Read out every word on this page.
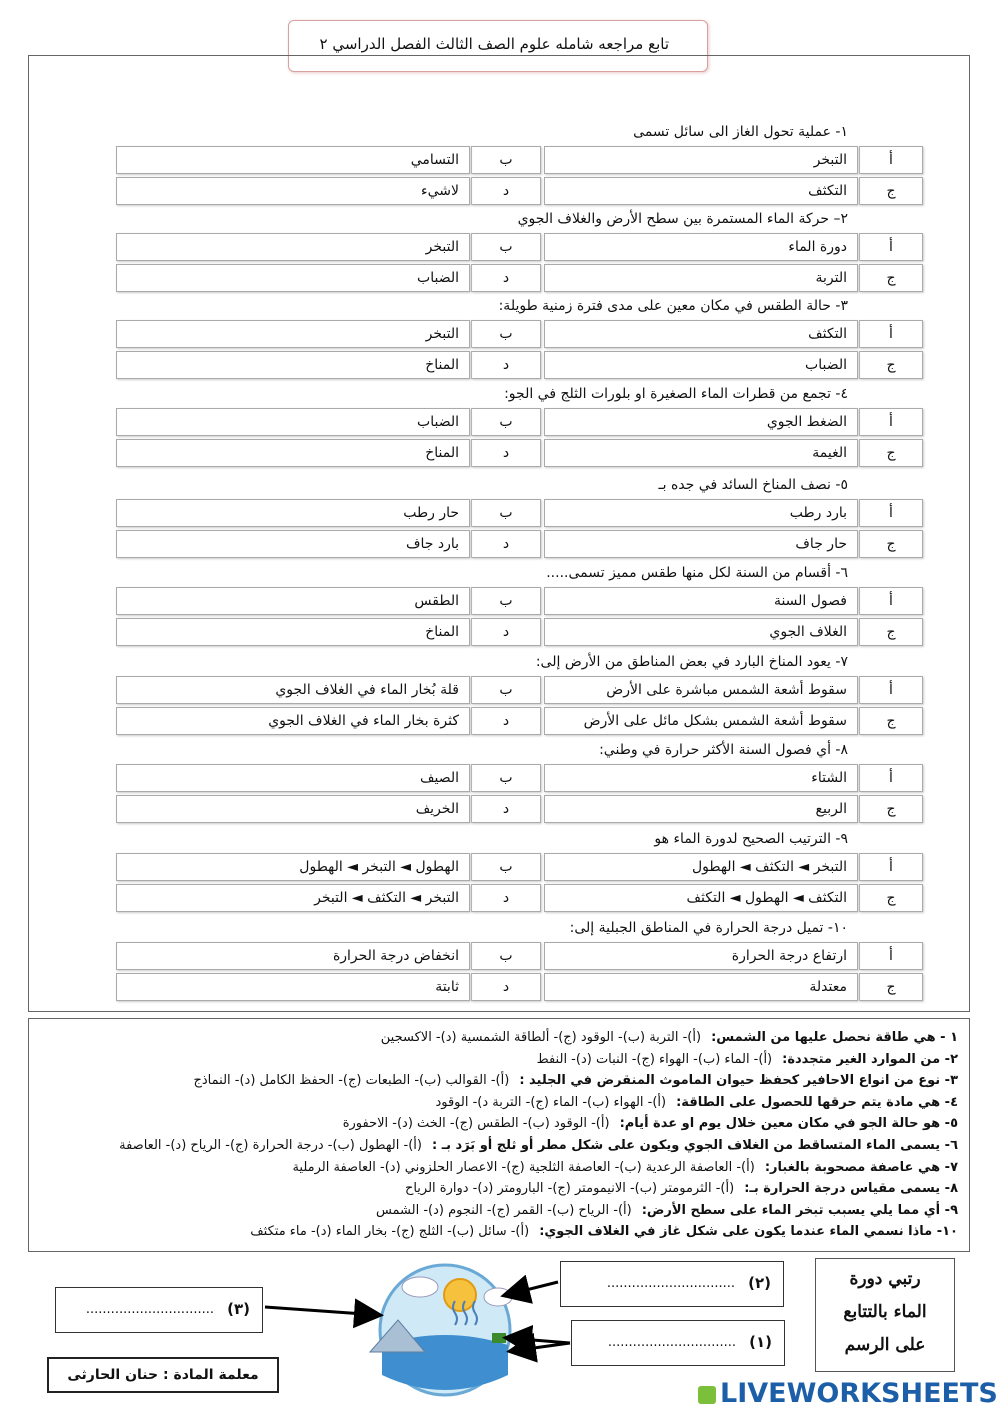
تابع مراجعه شامله علوم الصف الثالث الفصل الدراسي ٢
١- عملية تحول الغاز الى سائل تسمى
أ
التبخر
ب
التسامي
ج
التكثف
د
لاشيء
٢– حركة الماء المستمرة بين سطح الأرض والغلاف الجوي
أ
دورة الماء
ب
التبخر
ج
التربة
د
الضباب
٣- حالة الطقس في مكان معين على مدى فترة زمنية طويلة:
أ
التكثف
ب
التبخر
ج
الضباب
د
المناخ
٤- تجمع من قطرات الماء الصغيرة او بلورات الثلج في الجو:
أ
الضغط الجوي
ب
الضباب
ج
الغيمة
د
المناخ
٥- نصف المناخ السائد في جده بـ
أ
بارد رطب
ب
حار رطب
ج
حار جاف
د
بارد جاف
٦- أقسام من السنة لكل منها طقس مميز تسمى.....
أ
فصول السنة
ب
الطقس
ج
الغلاف الجوي
د
المناخ
٧- يعود المناخ البارد في بعض المناطق من الأرض إلى:
أ
سقوط أشعة الشمس مباشرة على الأرض
ب
قلة بُخار الماء في الغلاف الجوي
ج
سقوط أشعة الشمس بشكل مائل على الأرض
د
كثرة بخار الماء في الغلاف الجوي
٨- أي فصول السنة الأكثر حرارة في وطني:
أ
الشتاء
ب
الصيف
ج
الربيع
د
الخريف
٩- الترتيب الصحيح لدورة الماء هو
أ
التبخر ◄ التكثف ◄ الهطول
ب
الهطول ◄ التبخر ◄ الهطول
ج
التكثف ◄ الهطول ◄ التكثف
د
التبخر ◄ التكثف ◄ التبخر
١٠- تميل درجة الحرارة في المناطق الجبلية إلى:
أ
ارتفاع درجة الحرارة
ب
انخفاض درجة الحرارة
ج
معتدلة
د
ثابتة
١ - هي طاقة نحصل عليها من الشمس:(أ)- التربة (ب)- الوقود (ج)- ألطاقة الشمسية (د)- الاكسجين
٢- من الموارد الغير متجددة:(أ)- الماء (ب)- الهواء (ج)- النبات (د)- النفط
٣- نوع من انواع الاحافير كحفظ حيوان الماموث المنقرض في الجليد :(أ)- القوالب (ب)- الطبعات (ج)- الحفظ الكامل (د)- النماذج
٤- هي مادة يتم حرقها للحصول على الطاقة:(أ)- الهواء (ب)- الماء (ج)- التربة د)- الوقود
٥- هو حالة الجو في مكان معين خلال يوم او عدة أيام:(أ)- الوقود (ب)- الطقس (ج)- الخث (د)- الاحفورة
٦- يسمى الماء المتساقط من الغلاف الجوي ويكون على شكل مطر أو ثلج أو بَرَد بـ :(أ)- الهطول (ب)- درجة الحرارة (ج)- الرياح (د)- العاصفة
٧- هي عاصفة مصحوبة بالغبار:(أ)- العاصفة الرعدية (ب)- العاصفة الثلجية (ج)- الاعصار الحلزوني (د)- العاصفة الرملية
٨- يسمى مقياس درجة الحرارة بـ:(أ)- الثرمومتر (ب)- الانيمومتر (ج)- البارومتر (د)- دوارة الرياح
٩- أي مما يلي يسبب تبخر الماء على سطح الأرض:(أ)- الرياح (ب)- القمر (ج)- النجوم (د)- الشمس
١٠- ماذا نسمي الماء عندما يكون على شكل غاز في الغلاف الجوي:(أ)- سائل (ب)- الثلج (ج)- بخار الماء (د)- ماء متكثف
رتبي دورة
الماء بالتتابع
على الرسم
(٢)
...............................
(١)
...............................
(٣)
...............................
معلمة المادة : حنان الحارثى
LIVEWORKSHEETS
